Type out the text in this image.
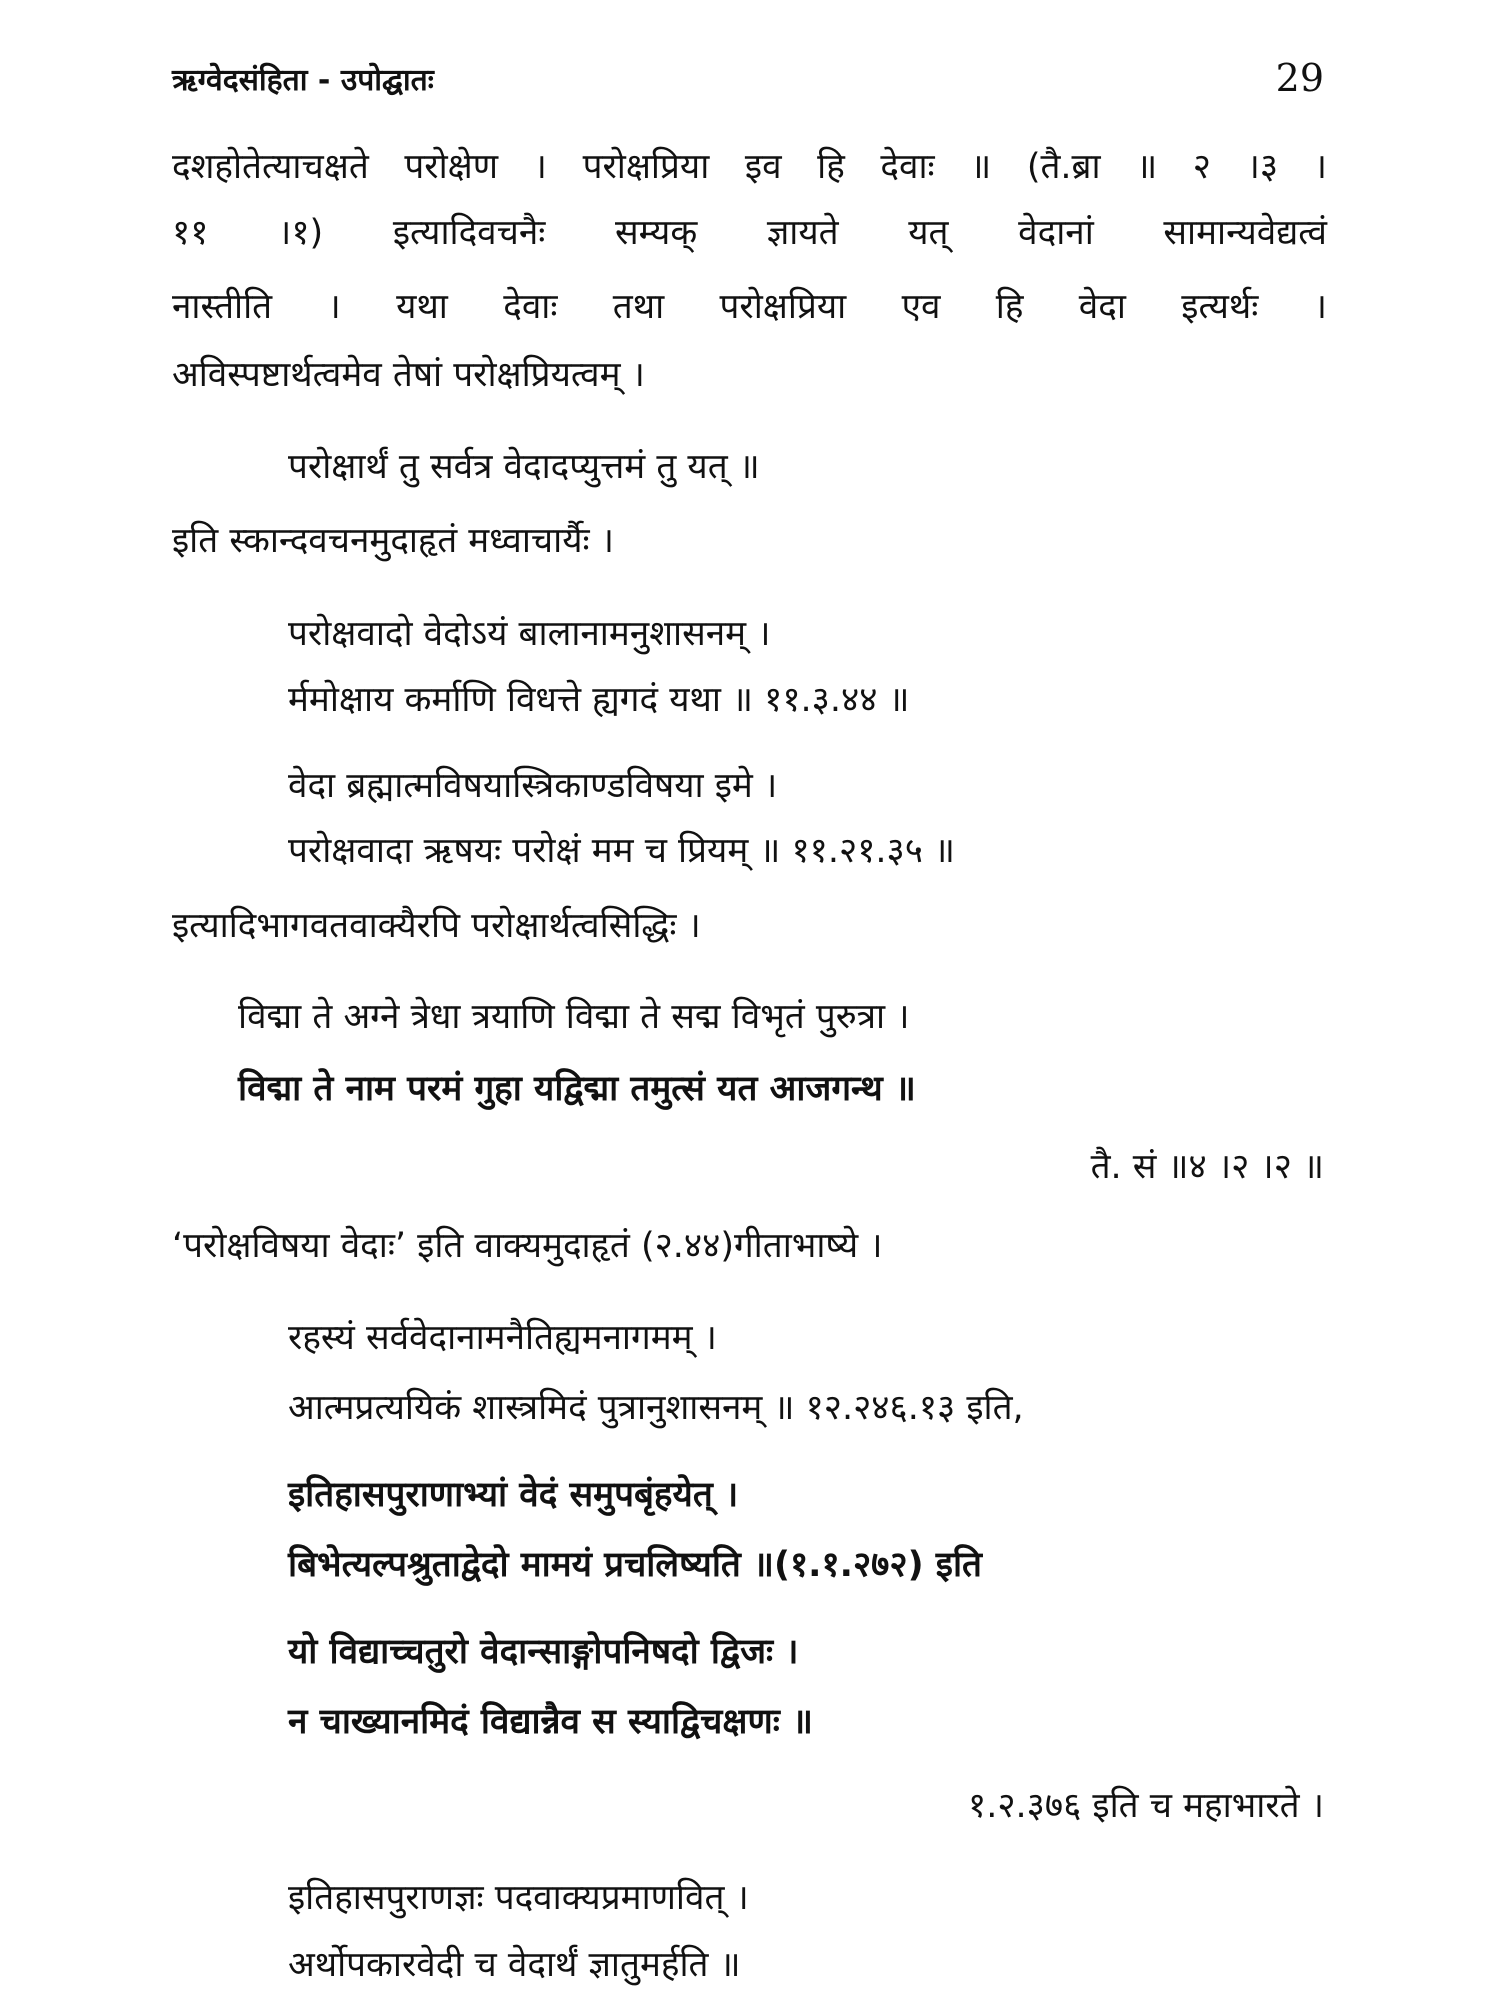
ऋग्वेदसंहिता - उपोद्घातः	29
दशहोतेत्याचक्षते परोक्षेण । परोक्षप्रिया इव हि देवाः ॥ (तै.ब्रा ॥ २ ।३ ।
११ ।१) इत्यादिवचनैः सम्यक् ज्ञायते यत् वेदानां सामान्यवेद्यत्वं
नास्तीति । यथा देवाः तथा परोक्षप्रिया एव हि वेदा इत्यर्थः ।
अविस्पष्टार्थत्वमेव तेषां परोक्षप्रियत्वम् ।
परोक्षार्थं तु सर्वत्र वेदादप्युत्तमं तु यत् ॥
इति स्कान्दवचनमुदाहृतं मध्वाचार्यैः ।
परोक्षवादो वेदोऽयं बालानामनुशासनम् ।
र्ममोक्षाय कर्माणि विधत्ते ह्यगदं यथा ॥ ११.३.४४ ॥
वेदा ब्रह्मात्मविषयास्त्रिकाण्डविषया इमे ।
परोक्षवादा ऋषयः परोक्षं मम च प्रियम् ॥ ११.२१.३५ ॥
इत्यादिभागवतवाक्यैरपि परोक्षार्थत्वसिद्धिः ।
विद्मा ते अग्ने त्रेधा त्रयाणि विद्मा ते सद्म विभृतं पुरुत्रा ।
विद्मा ते नाम परमं गुहा यद्विद्मा तमुत्सं यत आजगन्थ ॥
तै. सं ॥४ ।२ ।२ ॥
‘परोक्षविषया वेदाः’ इति वाक्यमुदाहृतं (२.४४)गीताभाष्ये ।
रहस्यं सर्ववेदानामनैतिह्यमनागमम् ।
आत्मप्रत्ययिकं शास्त्रमिदं पुत्रानुशासनम् ॥ १२.२४६.१३ इति,
इतिहासपुराणाभ्यां वेदं समुपबृंहयेत् ।
बिभेत्यल्पश्रुताद्वेदो मामयं प्रचलिष्यति ॥(१.१.२७२) इति
यो विद्याच्चतुरो वेदान्साङ्गोपनिषदो द्विजः ।
न चाख्यानमिदं विद्यान्नैव स स्याद्विचक्षणः ॥
१.२.३७६ इति च महाभारते ।
इतिहासपुराणज्ञः पदवाक्यप्रमाणवित् ।
अर्थोपकारवेदी च वेदार्थं ज्ञातुमर्हति ॥
